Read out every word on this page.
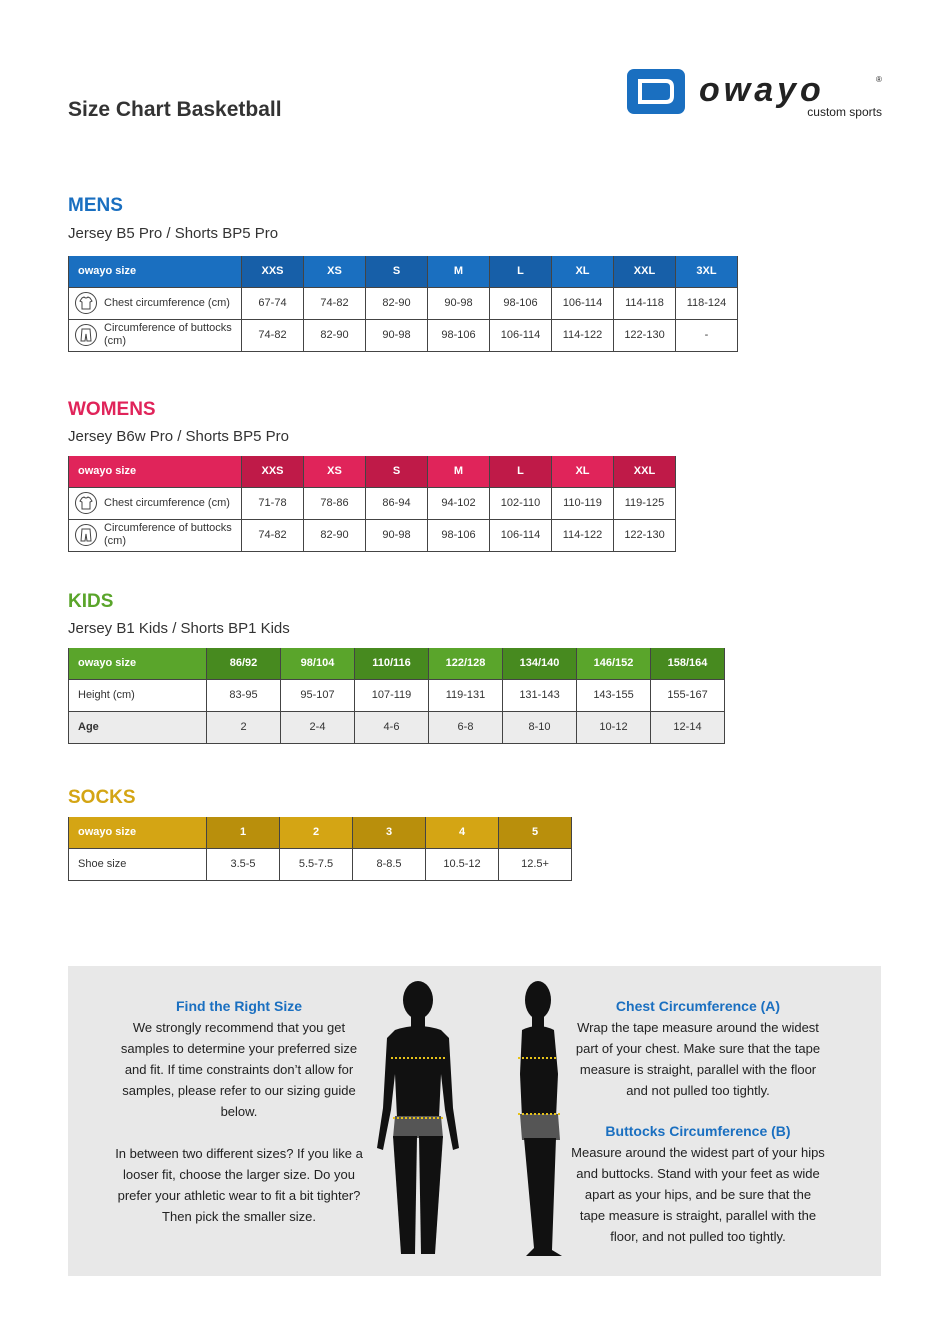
Size Chart Basketball
owayo	®
custom sports
MENS
Jersey B5 Pro / Shorts BP5 Pro
owayo size	XXS	XS	S	M	L	XL	XXL	3XL

Chest circumference (cm)	67-74	74-82	82-90	90-98	98-106	106-114	114-118	118-124

Circumference of buttocks (cm)	74-82	82-90	90-98	98-106	106-114	114-122	122-130	-
WOMENS
Jersey B6w Pro / Shorts BP5 Pro
owayo size	XXS	XS	S	M	L	XL	XXL

Chest circumference (cm)	71-78	78-86	86-94	94-102	102-110	110-119	119-125

Circumference of buttocks (cm)	74-82	82-90	90-98	98-106	106-114	114-122	122-130
KIDS
Jersey B1 Kids / Shorts BP1 Kids
owayo size	86/92	98/104	110/116	122/128	134/140	146/152	158/164
Height (cm)	83-95	95-107	107-119	119-131	131-143	143-155	155-167
Age	2	2-4	4-6	6-8	8-10	10-12	12-14
SOCKS
owayo size	1	2	3	4	5
Shoe size	3.5-5	5.5-7.5	8-8.5	10.5-12	12.5+
Find the Right Size
We strongly recommend that you get samples to determine your preferred size and fit. If time constraints don’t allow for samples, please refer to our sizing guide below.
In between two different sizes? If you like a looser fit, choose the larger size. Do you prefer your athletic wear to fit a bit tighter? Then pick the smaller size.
Chest Circumference (A)
Wrap the tape measure around the widest part of your chest. Make sure that the tape measure is straight, parallel with the floor and not pulled too tightly.
Buttocks Circumference (B)
Measure around the widest part of your hips and buttocks. Stand with your feet as wide apart as your hips, and be sure that the tape measure is straight, parallel with the floor, and not pulled too tightly.
